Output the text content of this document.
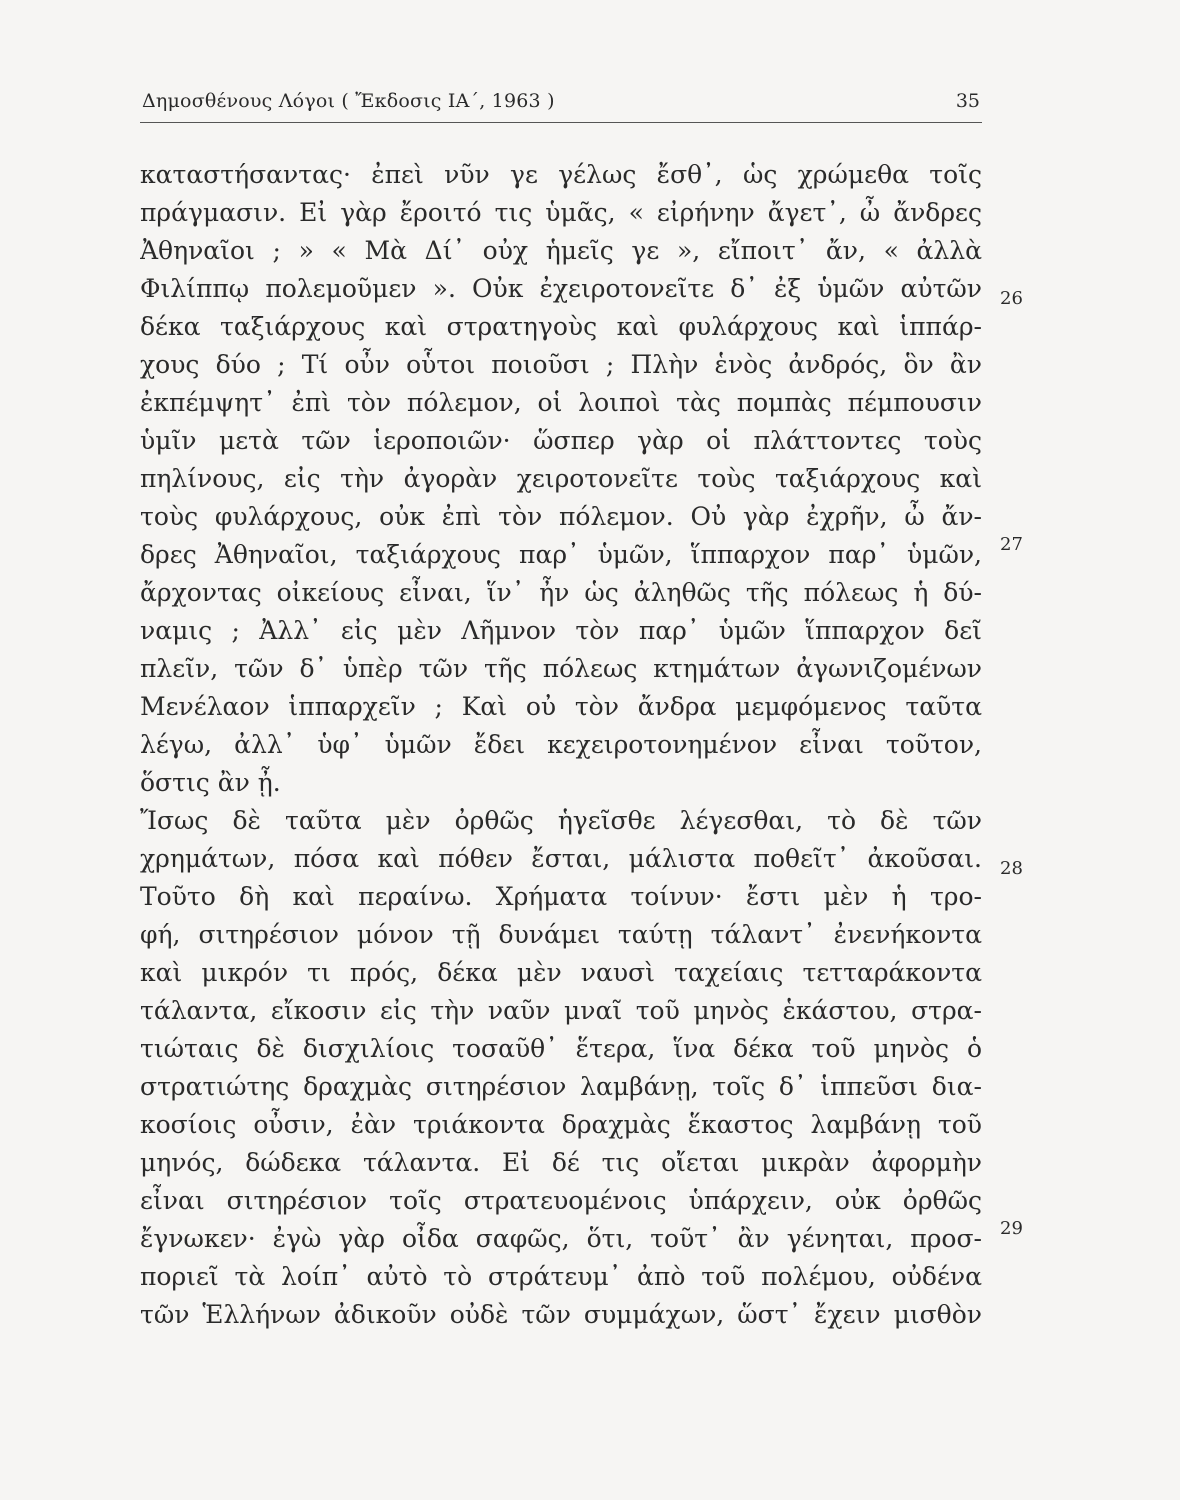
Δημοσθένους Λόγοι ( Ἔκδοσις ΙΑ΄, 1963 )	35
καταστήσαντας· ἐπεὶ νῦν γε γέλως ἔσθ᾽, ὡς χρώμεθα τοῖς
πράγμασιν. Εἰ γὰρ ἔροιτό τις ὑμᾶς, « εἰρήνην ἄγετ᾽, ὦ ἄνδρες
Ἀθηναῖοι ; » « Μὰ Δί᾽ οὐχ ἡμεῖς γε », εἴποιτ᾽ ἄν, « ἀλλὰ
Φιλίππῳ πολεμοῦμεν ». Οὐκ ἐχειροτονεῖτε δ᾽ ἐξ ὑμῶν αὐτῶν
δέκα ταξιάρχους καὶ στρατηγοὺς καὶ φυλάρχους καὶ ἱππάρ-
χους δύο ; Τί οὖν οὗτοι ποιοῦσι ; Πλὴν ἑνὸς ἀνδρός, ὃν ἂν
ἐκπέμψητ᾽ ἐπὶ τὸν πόλεμον, οἱ λοιποὶ τὰς πομπὰς πέμπουσιν
ὑμῖν μετὰ τῶν ἱεροποιῶν· ὥσπερ γὰρ οἱ πλάττοντες τοὺς
πηλίνους, εἰς τὴν ἀγορὰν χειροτονεῖτε τοὺς ταξιάρχους καὶ
τοὺς φυλάρχους, οὐκ ἐπὶ τὸν πόλεμον. Οὐ γὰρ ἐχρῆν, ὦ ἄν-
δρες Ἀθηναῖοι, ταξιάρχους παρ᾽ ὑμῶν, ἵππαρχον παρ᾽ ὑμῶν,
ἄρχοντας οἰκείους εἶναι, ἵν᾽ ἦν ὡς ἀληθῶς τῆς πόλεως ἡ δύ-
ναμις ; Ἀλλ᾽ εἰς μὲν Λῆμνον τὸν παρ᾽ ὑμῶν ἵππαρχον δεῖ
πλεῖν, τῶν δ᾽ ὑπὲρ τῶν τῆς πόλεως κτημάτων ἀγωνιζομένων
Μενέλαον ἱππαρχεῖν ; Καὶ οὐ τὸν ἄνδρα μεμφόμενος ταῦτα
λέγω, ἀλλ᾽ ὑφ᾽ ὑμῶν ἔδει κεχειροτονημένον εἶναι τοῦτον,
ὅστις ἂν ᾖ.
Ἴσως δὲ ταῦτα μὲν ὀρθῶς ἡγεῖσθε λέγεσθαι, τὸ δὲ τῶν
χρημάτων, πόσα καὶ πόθεν ἔσται, μάλιστα ποθεῖτ᾽ ἀκοῦσαι.
Τοῦτο δὴ καὶ περαίνω. Χρήματα τοίνυν· ἔστι μὲν ἡ τρο-
φή, σιτηρέσιον μόνον τῇ δυνάμει ταύτῃ τάλαντ᾽ ἐνενήκοντα
καὶ μικρόν τι πρός, δέκα μὲν ναυσὶ ταχείαις τετταράκοντα
τάλαντα, εἴκοσιν εἰς τὴν ναῦν μναῖ τοῦ μηνὸς ἑκάστου, στρα-
τιώταις δὲ δισχιλίοις τοσαῦθ᾽ ἕτερα, ἵνα δέκα τοῦ μηνὸς ὁ
στρατιώτης δραχμὰς σιτηρέσιον λαμβάνῃ, τοῖς δ᾽ ἱππεῦσι δια-
κοσίοις οὖσιν, ἐὰν τριάκοντα δραχμὰς ἕκαστος λαμβάνῃ τοῦ
μηνός, δώδεκα τάλαντα. Εἰ δέ τις οἴεται μικρὰν ἀφορμὴν
εἶναι σιτηρέσιον τοῖς στρατευομένοις ὑπάρχειν, οὐκ ὀρθῶς
ἔγνωκεν· ἐγὼ γὰρ οἶδα σαφῶς, ὅτι, τοῦτ᾽ ἂν γένηται, προσ-
ποριεῖ τὰ λοίπ᾽ αὐτὸ τὸ στράτευμ᾽ ἀπὸ τοῦ πολέμου, οὐδένα
τῶν Ἑλλήνων ἀδικοῦν οὐδὲ τῶν συμμάχων, ὥστ᾽ ἔχειν μισθὸν
26
27
28
29
